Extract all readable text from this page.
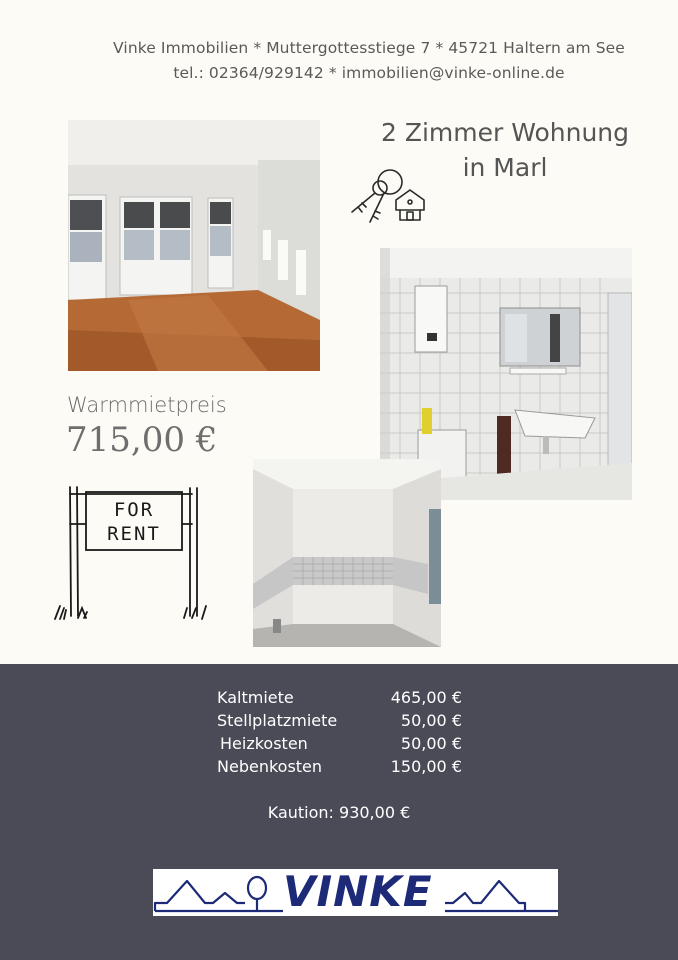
Vinke Immobilien * Muttergottesstiege 7 * 45721 Haltern am See
tel.: 02364/929142 * immobilien@vinke-online.de
2 Zimmer Wohnung
in Marl
Warmmietpreis
715,00 €
FOR
RENT
Kaltmiete	465,00 €
Stellplatzmiete	50,00 €
Heizkosten	50,00 €
Nebenkosten	150,00 €
Kaution: 930,00 €
VINKE
